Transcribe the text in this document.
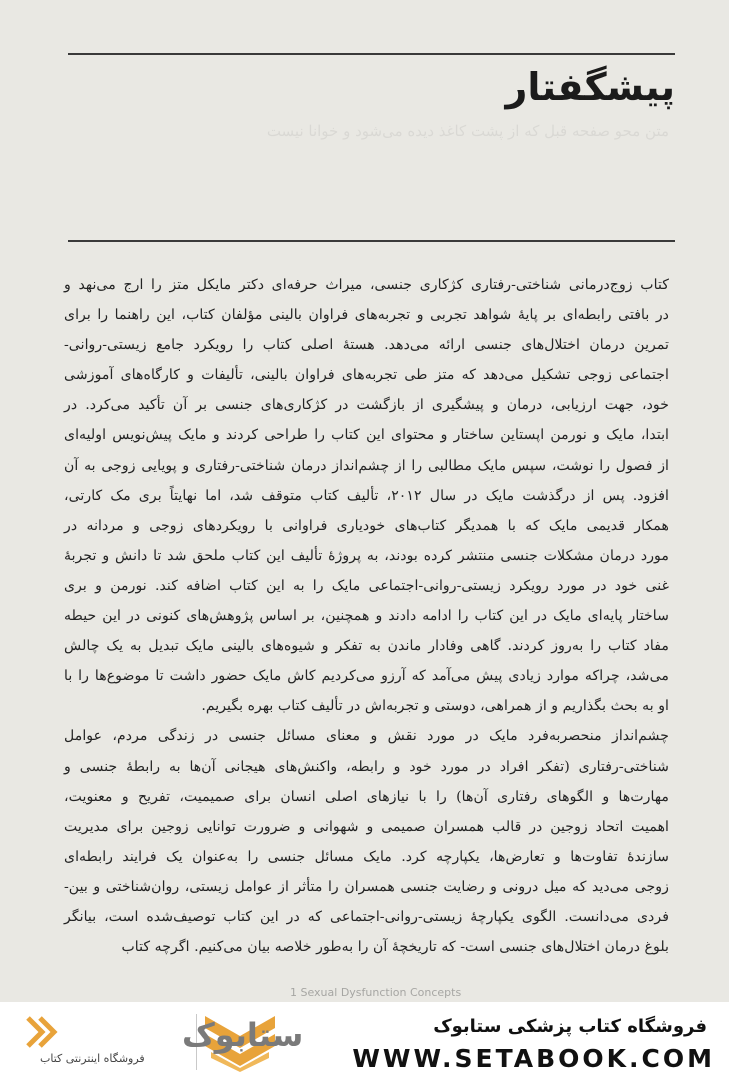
پیشگفتار
متن محو صفحه قبل که از پشت کاغذ دیده می‌شود و خوانا نیست
کتاب زوج‌درمانی شناختی-رفتاری کژکاری جنسی، میراث حرفه‌ای دکتر مایکل متز را ارج می‌نهد و
در بافتی رابطه‌ای بر پایهٔ شواهد تجربی و تجربه‌های فراوان بالینی مؤلفان کتاب، این راهنما را برای
تمرین درمان اختلال‌های جنسی ارائه می‌دهد. هستهٔ اصلی کتاب را رویکرد جامع زیستی-روانی-
اجتماعی زوجی تشکیل می‌دهد که متز طی تجربه‌های فراوان بالینی، تألیفات و کارگاه‌های آموزشی
خود، جهت ارزیابی، درمان و پیشگیری از بازگشت در کژکاری‌های جنسی بر آن تأکید می‌کرد. در
ابتدا، مایک و نورمن اپستاین ساختار و محتوای این کتاب را طراحی کردند و مایک پیش‌نویس اولیه‌ای
از فصول را نوشت، سپس مایک مطالبی را از چشم‌انداز درمان شناختی-رفتاری و پویایی زوجی به آن
افزود. پس از درگذشت مایک در سال ۲۰۱۲، تألیف کتاب متوقف شد، اما نهایتاً بری مک کارتی،
همکار قدیمی مایک که با همدیگر کتاب‌های خودیاری فراوانی با رویکردهای زوجی و مردانه در
مورد درمان مشکلات جنسی منتشر کرده بودند، به پروژهٔ تألیف این کتاب ملحق شد تا دانش و تجربهٔ
غنی خود در مورد رویکرد زیستی-روانی-اجتماعی مایک را به این کتاب اضافه کند. نورمن و بری
ساختار پایه‌ای مایک در این کتاب را ادامه دادند و همچنین، بر اساس پژوهش‌های کنونی در این حیطه
مفاد کتاب را به‌روز کردند. گاهی وفادار ماندن به تفکر و شیوه‌های بالینی مایک تبدیل به یک چالش
می‌شد، چراکه موارد زیادی پیش می‌آمد که آرزو می‌کردیم کاش مایک حضور داشت تا موضوع‌ها را با
او به بحث بگذاریم و از همراهی، دوستی و تجربه‌اش در تألیف کتاب بهره بگیریم.
چشم‌انداز منحصربه‌فرد مایک در مورد نقش و معنای مسائل جنسی در زندگی مردم، عوامل
شناختی-رفتاری (تفکر افراد در مورد خود و رابطه، واکنش‌های هیجانی آن‌ها به رابطهٔ جنسی و
مهارت‌ها و الگوهای رفتاری آن‌ها) را با نیازهای اصلی انسان برای صمیمیت، تفریح و معنویت،
اهمیت اتحاد زوجین در قالب همسران صمیمی و شهوانی و ضرورت توانایی زوجین برای مدیریت
سازندهٔ تفاوت‌ها و تعارض‌ها، یکپارچه کرد. مایک مسائل جنسی را به‌عنوان یک فرایند رابطه‌ای
زوجی می‌دید که میل درونی و رضایت جنسی همسران را متأثر از عوامل زیستی، روان‌شناختی و بین-
فردی می‌دانست. الگوی یکپارچهٔ زیستی-روانی-اجتماعی که در این کتاب توصیف‌شده است، بیانگر
بلوغ درمان اختلال‌های جنسی است- که تاریخچهٔ آن را به‌طور خلاصه بیان می‌کنیم. اگرچه کتاب
1 Sexual Dysfunction Concepts
فروشگاه کتاب پزشکی ستابوک
WWW.SETABOOK.COM
ستابوک
فروشگاه اینترنتی کتاب
